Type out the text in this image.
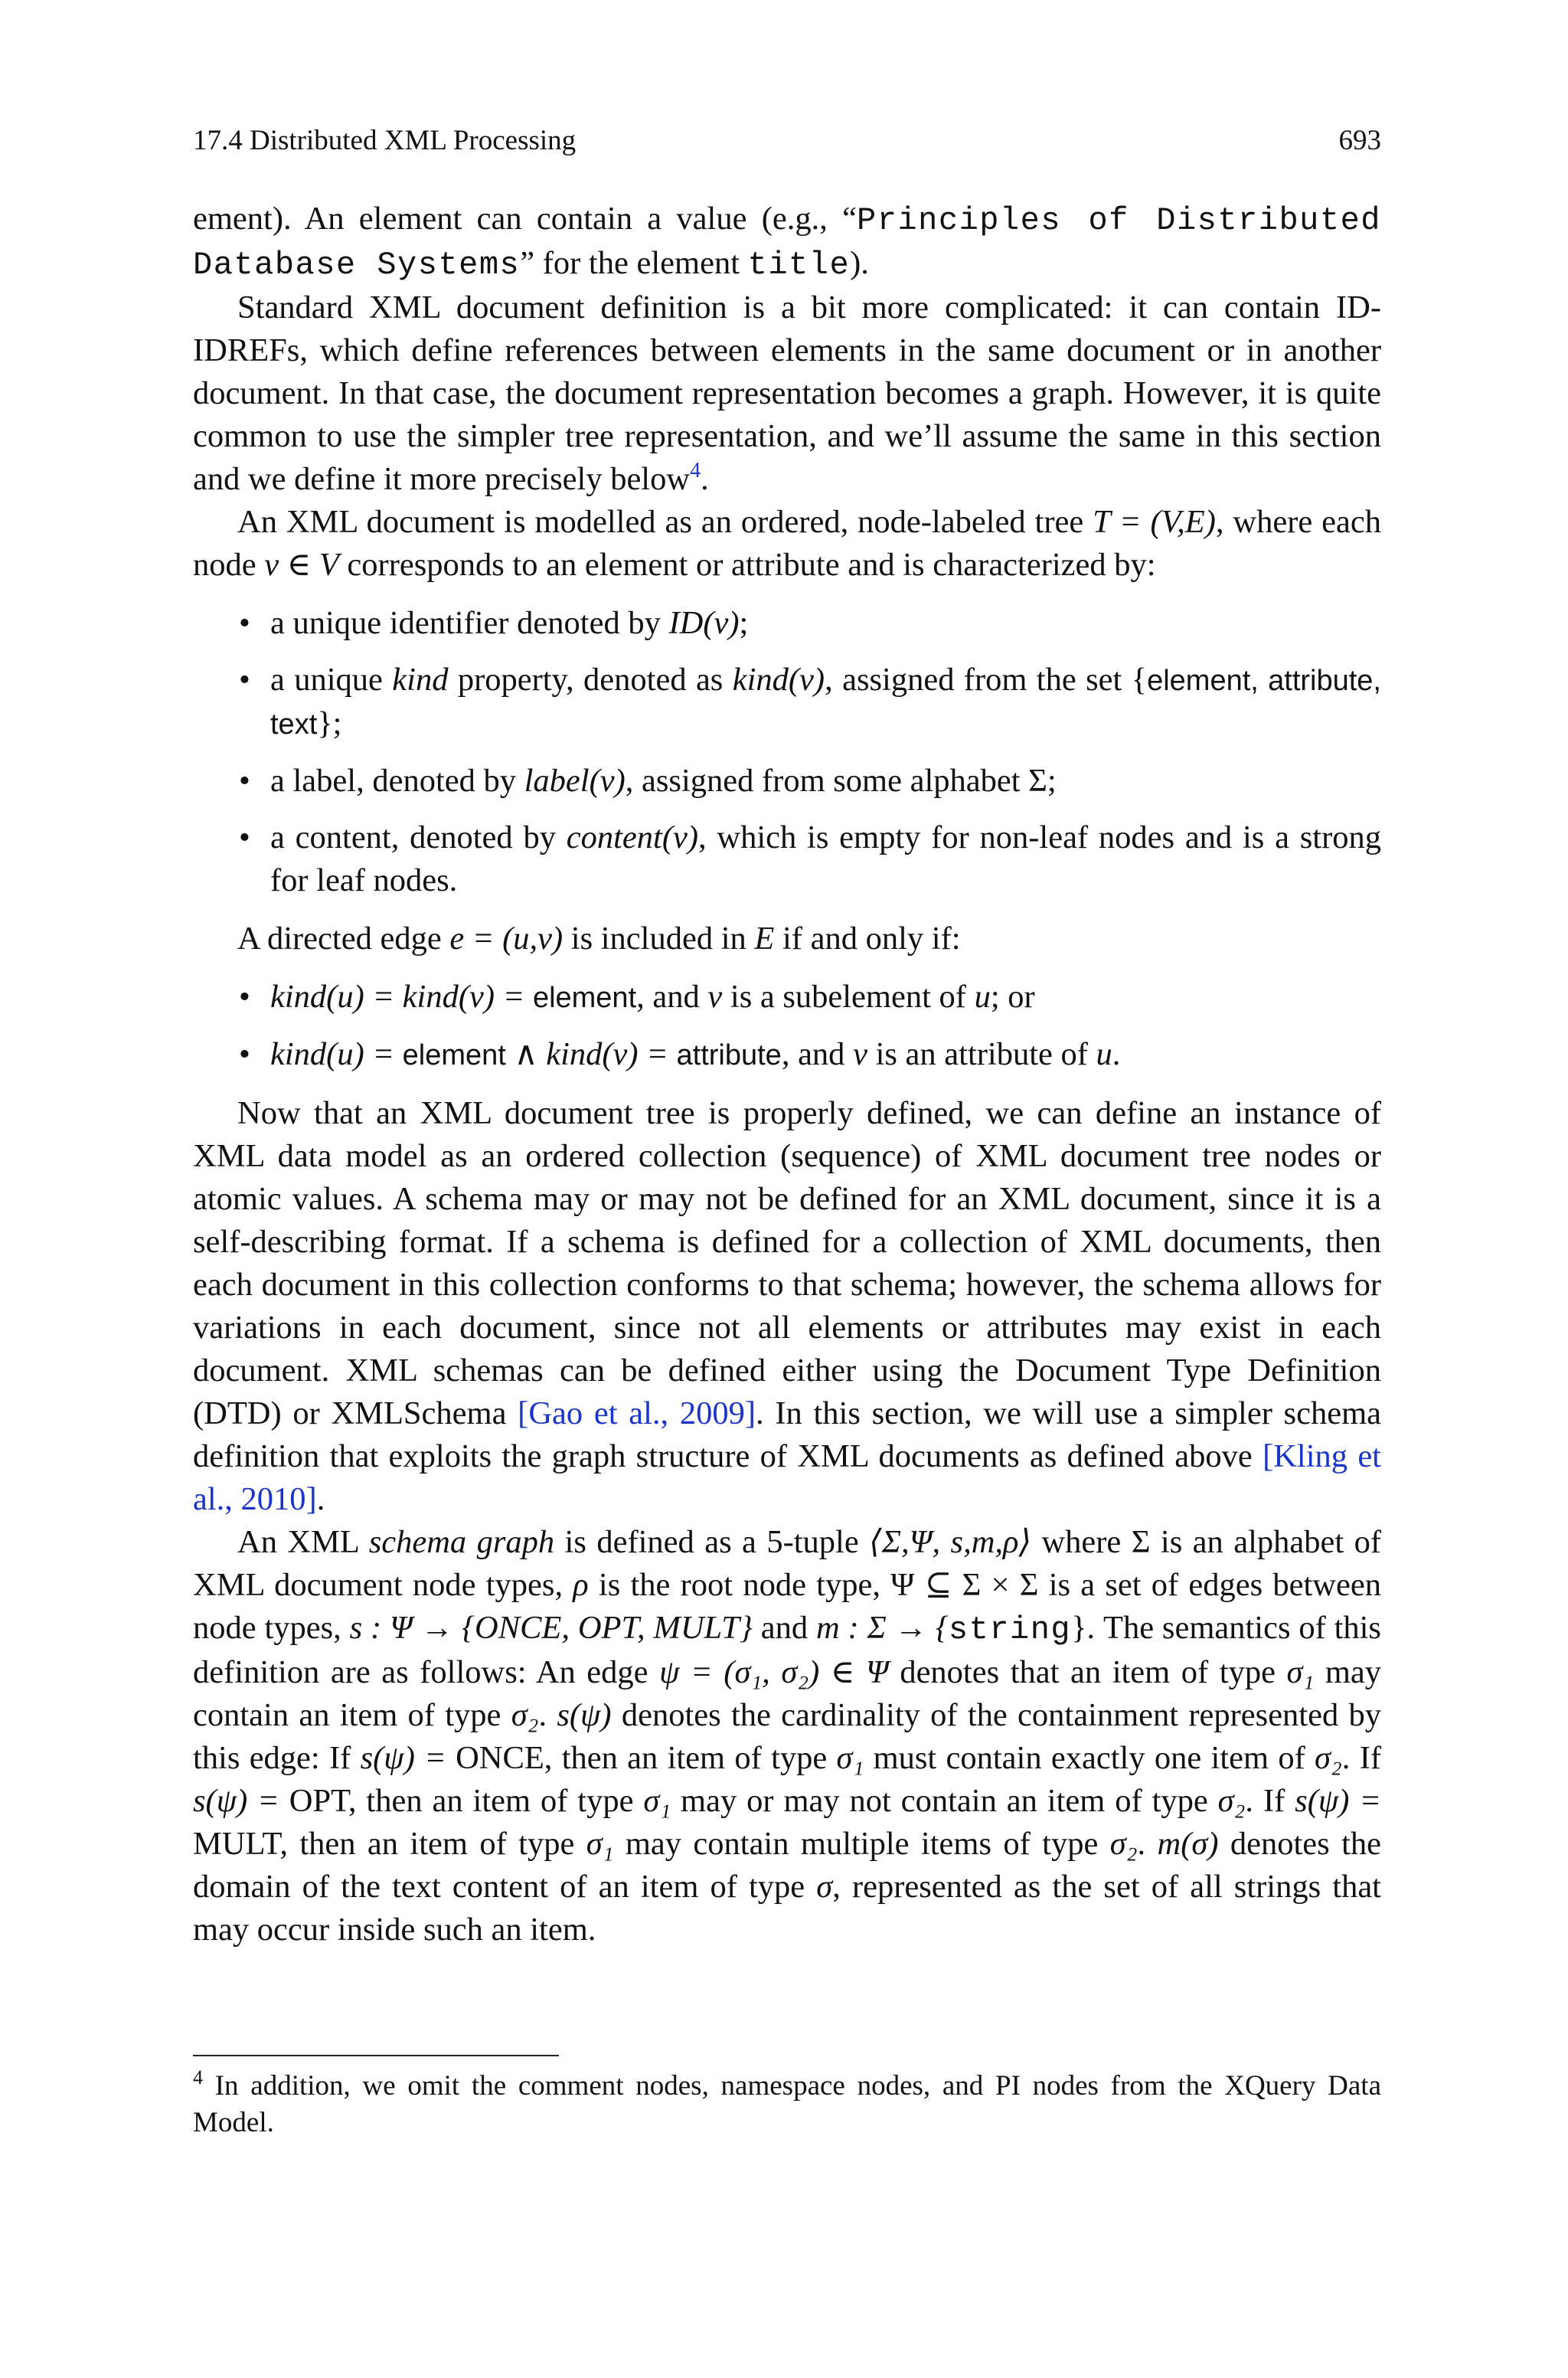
17.4 Distributed XML Processing	693

ement). An element can contain a value (e.g., “Principles of Distributed Database Systems” for the element title).

Standard XML document definition is a bit more complicated: it can contain ID-IDREFs, which define references between elements in the same document or in another document. In that case, the document representation becomes a graph. However, it is quite common to use the simpler tree representation, and we’ll assume the same in this section and we define it more precisely below$^4$.

An XML document is modelled as an ordered, node-labeled tree T = (V,E), where each node v ∈ V corresponds to an element or attribute and is characterized by:

• a unique identifier denoted by ID(v);
• a unique kind property, denoted as kind(v), assigned from the set {element, attribute, text};
• a label, denoted by label(v), assigned from some alphabet Σ;
• a content, denoted by content(v), which is empty for non-leaf nodes and is a strong for leaf nodes.

A directed edge e = (u,v) is included in E if and only if:

• kind(u) = kind(v) = element, and v is a subelement of u; or
• kind(u) = element ∧ kind(v) = attribute, and v is an attribute of u.

Now that an XML document tree is properly defined, we can define an instance of XML data model as an ordered collection (sequence) of XML document tree nodes or atomic values. A schema may or may not be defined for an XML document, since it is a self-describing format. If a schema is defined for a collection of XML documents, then each document in this collection conforms to that schema; however, the schema allows for variations in each document, since not all elements or attributes may exist in each document. XML schemas can be defined either using the Document Type Definition (DTD) or XMLSchema [Gao et al., 2009]. In this section, we will use a simpler schema definition that exploits the graph structure of XML documents as defined above [Kling et al., 2010].

An XML schema graph is defined as a 5-tuple ⟨Σ,Ψ, s,m,ρ⟩ where Σ is an alphabet of XML document node types, ρ is the root node type, Ψ ⊆ Σ × Σ is a set of edges between node types, s : Ψ → {ONCE, OPT, MULT} and m : Σ → {string}. The semantics of this definition are as follows: An edge ψ = (σ₁, σ₂) ∈ Ψ denotes that an item of type σ₁ may contain an item of type σ₂. s(ψ) denotes the cardinality of the containment represented by this edge: If s(ψ) = ONCE, then an item of type σ₁ must contain exactly one item of σ₂. If s(ψ) = OPT, then an item of type σ₁ may or may not contain an item of type σ₂. If s(ψ) = MULT, then an item of type σ₁ may contain multiple items of type σ₂. m(σ) denotes the domain of the text content of an item of type σ, represented as the set of all strings that may occur inside such an item.

$^4$ In addition, we omit the comment nodes, namespace nodes, and PI nodes from the XQuery Data Model.
